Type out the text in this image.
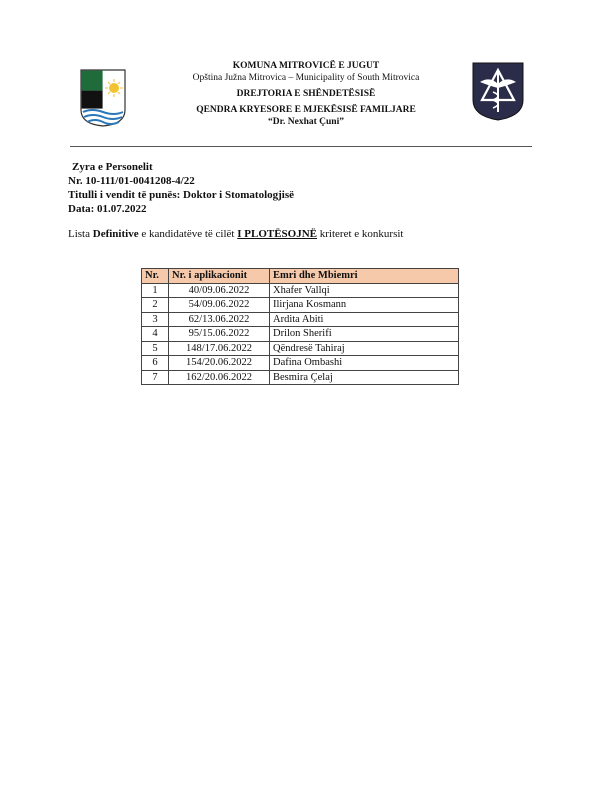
KOMUNA MITROVICË E JUGUT
Opština Južna Mitrovica – Municipality of South Mitrovica
DREJTORIA E SHËNDETËSISË
QENDRA KRYESORE E MJEKËSISË FAMILJARE
“Dr. Nexhat Çuni”
Zyra e Personelit
Nr. 10-111/01-0041208-4/22
Titulli i vendit të punës: Doktor i Stomatologjisë
Data: 01.07.2022
Lista Definitive e kandidatëve të cilët I PLOTËSOJNË kriteret e konkursit
Nr.	Nr. i aplikacionit	Emri dhe Mbiemri
1	40/09.06.2022	Xhafer Vallqi
2	54/09.06.2022	Ilirjana Kosmann
3	62/13.06.2022	Ardita Abiti
4	95/15.06.2022	Drilon Sherifi
5	148/17.06.2022	Qëndresë Tahiraj
6	154/20.06.2022	Dafina Ombashi
7	162/20.06.2022	Besmira Çelaj
